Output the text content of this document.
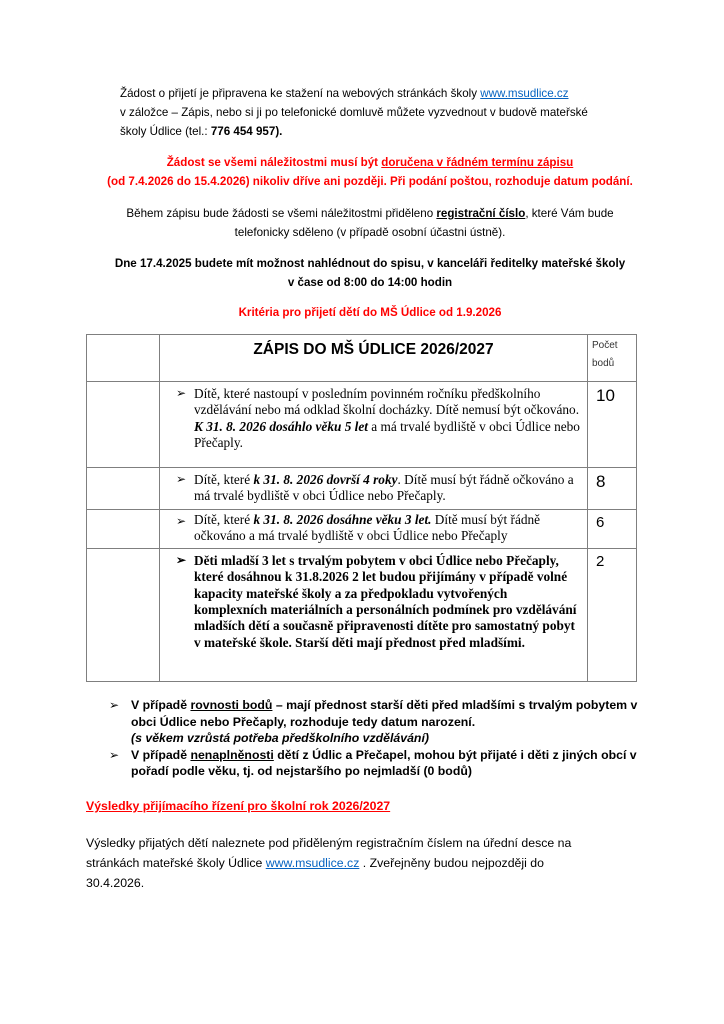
Žádost o přijetí je připravena ke stažení na webových stránkách školy www.msudlice.cz
v záložce – Zápis, nebo si ji po telefonické domluvě můžete vyzvednout v budově mateřské
školy Údlice (tel.: 776 454 957).
Žádost se všemi náležitostmi musí být doručena v řádném termínu zápisu
(od 7.4.2026 do 15.4.2026) nikoliv dříve ani později. Při podání poštou, rozhoduje datum podání.
Během zápisu bude žádosti se všemi náležitostmi přiděleno registrační číslo, které Vám bude
telefonicky sděleno (v případě osobní účastni ústně).
Dne 17.4.2025 budete mít možnost nahlédnout do spisu, v kanceláři ředitelky mateřské školy
v čase od 8:00 do 14:00 hodin
Kritéria pro přijetí dětí do MŠ Údlice od 1.9.2026
	ZÁPIS DO MŠ ÚDLICE 2026/2027	Počet bodů

	➢ Dítě, které nastoupí v posledním povinném ročníku předškolního vzdělávání nebo má odklad školní docházky. Dítě nemusí být očkováno. K 31. 8. 2026 dosáhlo věku 5 let a má trvalé bydliště v obci Údlice nebo Přečaply.	10

	➢ Dítě, které k 31. 8. 2026 dovrší 4 roky. Dítě musí být řádně očkováno a má trvalé bydliště v obci Údlice nebo Přečaply.	8

	➢ Dítě, které k 31. 8. 2026 dosáhne věku 3 let. Dítě musí být řádně očkováno a má trvalé bydliště v obci Údlice nebo Přečaply	6

	➢ Děti mladší 3 let s trvalým pobytem v obci Údlice nebo Přečaply, které dosáhnou k 31.8.2026 2 let budou přijímány v případě volné kapacity mateřské školy a za předpokladu vytvořených komplexních materiálních a personálních podmínek pro vzdělávání mladších dětí a současně připravenosti dítěte pro samostatný pobyt v mateřské škole. Starší děti mají přednost před mladšími.	2
➢ V případě rovnosti bodů – mají přednost starší děti před mladšími s trvalým pobytem v obci Údlice nebo Přečaply, rozhoduje tedy datum narození.
(s věkem vzrůstá potřeba předškolního vzdělávání)
➢ V případě nenaplněnosti dětí z Údlic a Přečapel, mohou být přijaté i děti z jiných obcí v pořadí podle věku, tj. od nejstaršího po nejmladší (0 bodů)
Výsledky přijímacího řízení pro školní rok 2026/2027
Výsledky přijatých dětí naleznete pod přiděleným registračním číslem na úřední desce na
stránkách mateřské školy Údlice www.msudlice.cz . Zveřejněny budou nejpozději do
30.4.2026.
